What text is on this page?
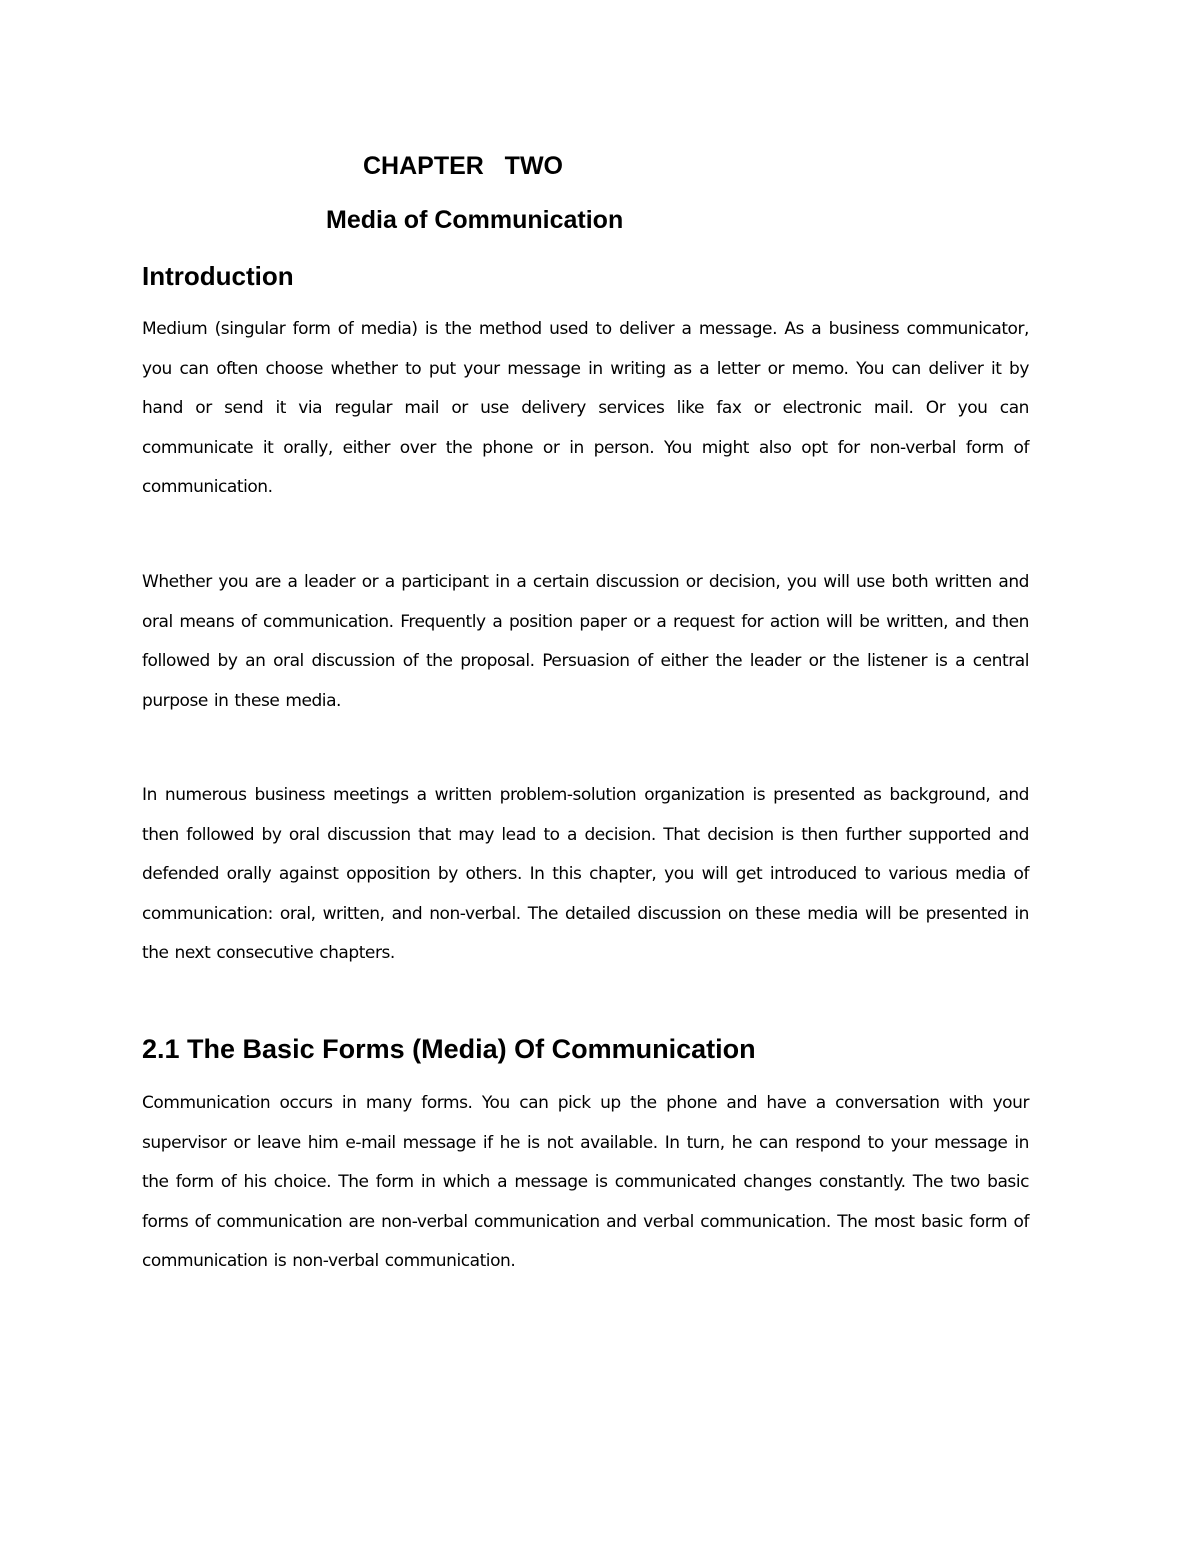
CHAPTER   TWO
Media of Communication
Introduction

Medium (singular form of media) is the method used to deliver a message. As a business communicator, you can often choose whether to put your message in writing as a letter or memo. You can deliver it by hand or send it via regular mail or use delivery services like fax or electronic mail. Or you can communicate it orally, either over the phone or in person. You might also opt for non-verbal form of communication.

Whether you are a leader or a participant in a certain discussion or decision, you will use both written and oral means of communication. Frequently a position paper or a request for action will be written, and then followed by an oral discussion of the proposal. Persuasion of either the leader or the listener is a central purpose in these media.

In numerous business meetings a written problem-solution organization is presented as background, and then followed by oral discussion that may lead to a decision. That decision is then further supported and defended orally against opposition by others. In this chapter, you will get introduced to various media of communication: oral, written, and non-verbal. The detailed discussion on these media will be presented in the next consecutive chapters.

2.1 The Basic Forms (Media) Of Communication

Communication occurs in many forms. You can pick up the phone and have a conversation with your supervisor or leave him e-mail message if he is not available. In turn, he can respond to your message in the form of his choice. The form in which a message is communicated changes constantly. The two basic forms of communication are non-verbal communication and verbal communication. The most basic form of communication is non-verbal communication.
